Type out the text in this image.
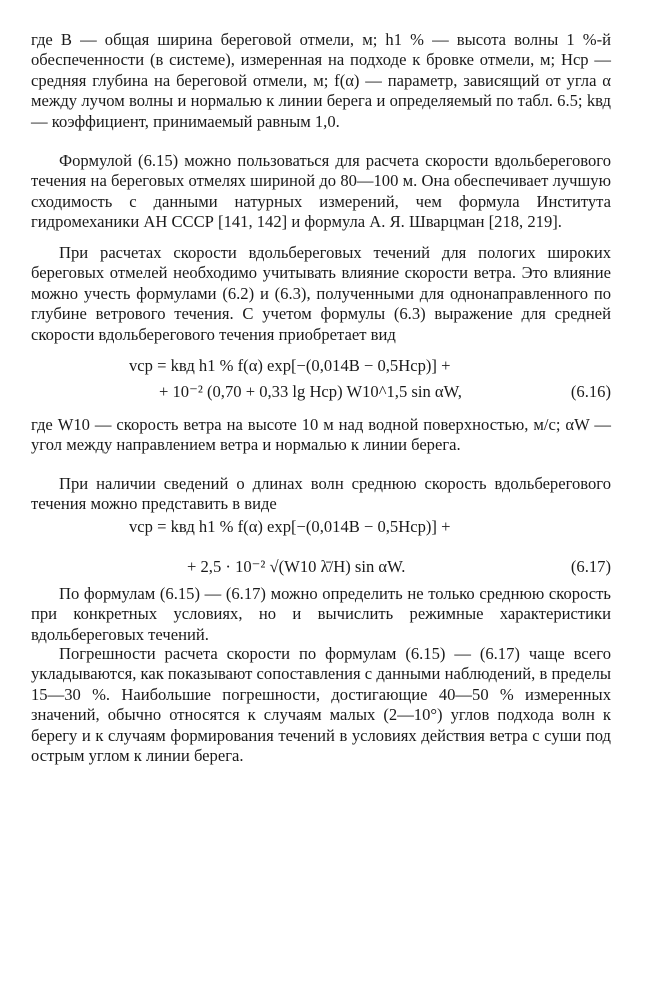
где B — общая ширина береговой отмели, м; h1 % — высота волны 1 %-й обеспеченности (в системе), измеренная на подходе к бровке отмели, м; Hср — средняя глубина на береговой отмели, м; f(α) — параметр, зависящий от угла α между лучом волны и нормалью к линии берега и определяемый по табл. 6.5; kвд — коэффициент, принимаемый равным 1,0.

Формулой (6.15) можно пользоваться для расчета скорости вдольберегового течения на береговых отмелях шириной до 80—100 м. Она обеспечивает лучшую сходимость с данными натурных измерений, чем формула Института гидромеханики АН СССР [141, 142] и формула А. Я. Шварцман [218, 219].

При расчетах скорости вдольбереговых течений для пологих широких береговых отмелей необходимо учитывать влияние скорости ветра. Это влияние можно учесть формулами (6.2) и (6.3), полученными для однонаправленного по глубине ветрового течения. С учетом формулы (6.3) выражение для средней скорости вдольберегового течения приобретает вид

vср = kвд h1 % f(α) exp[−(0,014B − 0,5Hср)] +
+ 10⁻² (0,70 + 0,33 lg Hср) W10^1,5 sin αW,	(6.16)

где W10 — скорость ветра на высоте 10 м над водной поверхностью, м/с; αW — угол между направлением ветра и нормалью к линии берега.

При наличии сведений о длинах волн среднюю скорость вдольберегового течения можно представить в виде

vср = kвд h1 % f(α) exp[−(0,014B − 0,5Hср)] +
+ 2,5 · 10⁻² √(W10 λ̄/H) sin αW.	(6.17)

По формулам (6.15) — (6.17) можно определить не только среднюю скорость при конкретных условиях, но и вычислить режимные характеристики вдольбереговых течений.

Погрешности расчета скорости по формулам (6.15) — (6.17) чаще всего укладываются, как показывают сопоставления с данными наблюдений, в пределы 15—30 %. Наибольшие погрешности, достигающие 40—50 % измеренных значений, обычно относятся к случаям малых (2—10°) углов подхода волн к берегу и к случаям формирования течений в условиях действия ветра с суши под острым углом к линии берега.
